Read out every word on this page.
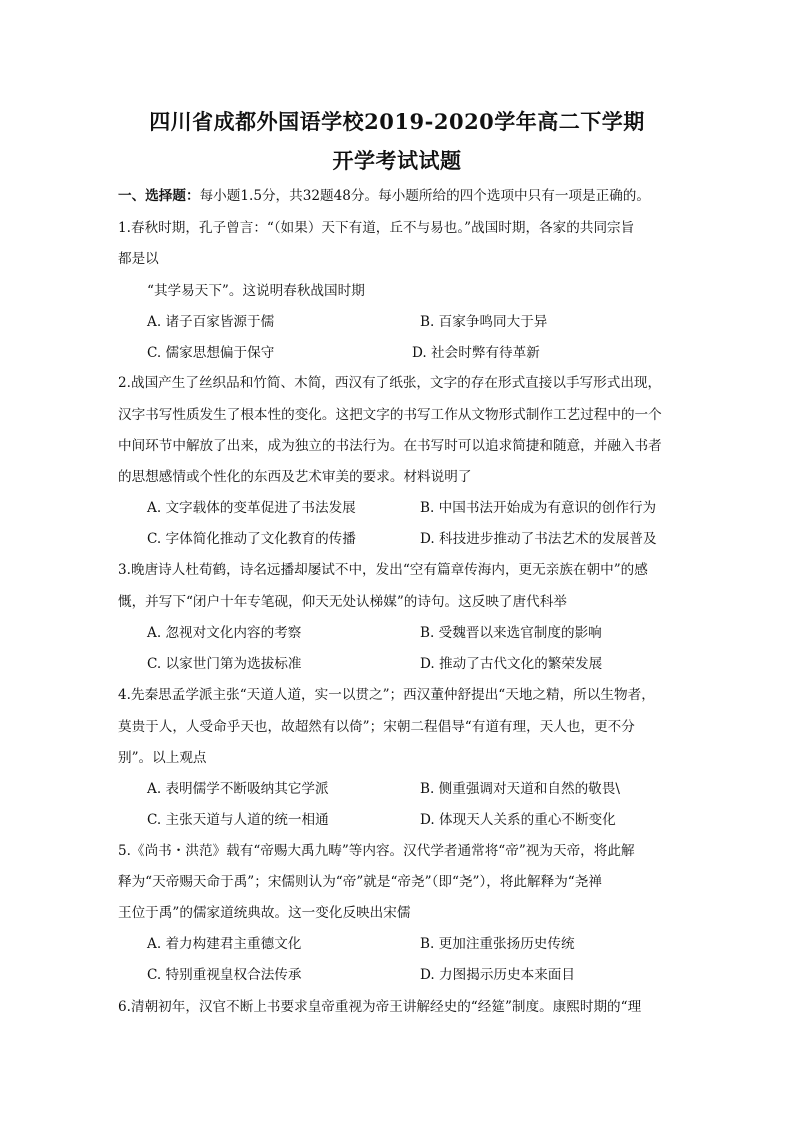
四川省成都外国语学校2019-2020学年高二下学期
开学考试试题
一、选择题：每小题1.5分，共32题48分。每小题所给的四个选项中只有一项是正确的。
1.春秋时期，孔子曾言：“（如果）天下有道，丘不与易也。”战国时期，各家的共同宗旨
都是以
“其学易天下”。这说明春秋战国时期
A. 诸子百家皆源于儒	B. 百家争鸣同大于异
C. 儒家思想偏于保守	D. 社会时弊有待革新
2.战国产生了丝织品和竹简、木简，西汉有了纸张，文字的存在形式直接以手写形式出现，
汉字书写性质发生了根本性的变化。这把文字的书写工作从文物形式制作工艺过程中的一个
中间环节中解放了出来，成为独立的书法行为。在书写时可以追求简捷和随意，并融入书者
的思想感情或个性化的东西及艺术审美的要求。材料说明了
A. 文字载体的变革促进了书法发展	B. 中国书法开始成为有意识的创作行为
C. 字体简化推动了文化教育的传播	D. 科技进步推动了书法艺术的发展普及
3.晚唐诗人杜荀鹤，诗名远播却屡试不中，发出“空有篇章传海内，更无亲族在朝中”的感
慨，并写下“闭户十年专笔砚，仰天无处认梯媒”的诗句。这反映了唐代科举
A. 忽视对文化内容的考察	B. 受魏晋以来选官制度的影响
C. 以家世门第为选拔标准	D. 推动了古代文化的繁荣发展
4.先秦思孟学派主张“天道人道，实一以贯之”；西汉董仲舒提出“天地之精，所以生物者，
莫贵于人，人受命乎天也，故超然有以倚”；宋朝二程倡导“有道有理，天人也，更不分
别”。以上观点
A. 表明儒学不断吸纳其它学派	B. 侧重强调对天道和自然的敬畏\
C. 主张天道与人道的统一相通	D. 体现天人关系的重心不断变化
5.《尚书・洪范》载有“帝赐大禹九畴”等内容。汉代学者通常将“帝”视为天帝，将此解
释为“天帝赐天命于禹”；宋儒则认为“帝”就是“帝尧”（即“尧”），将此解释为“尧禅
王位于禹”的儒家道统典故。这一变化反映出宋儒
A. 着力构建君主重德文化	B. 更加注重张扬历史传统
C. 特别重视皇权合法传承	D. 力图揭示历史本来面目
6.清朝初年，汉官不断上书要求皇帝重视为帝王讲解经史的“经筵”制度。康熙时期的“理
